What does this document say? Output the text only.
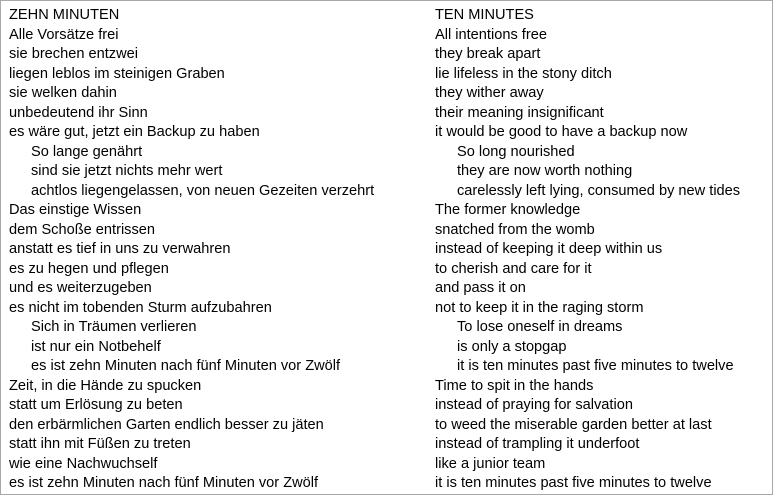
ZEHN MINUTEN
Alle Vorsätze frei
sie brechen entzwei
liegen leblos im steinigen Graben
sie welken dahin
unbedeutend ihr Sinn
es wäre gut, jetzt ein Backup zu haben
So lange genährt
sind sie jetzt nichts mehr wert
achtlos liegengelassen, von neuen Gezeiten verzehrt
Das einstige Wissen
dem Schoße entrissen
anstatt es tief in uns zu verwahren
es zu hegen und pflegen
und es weiterzugeben
es nicht im tobenden Sturm aufzubahren
Sich in Träumen verlieren
ist nur ein Notbehelf
es ist zehn Minuten nach fünf Minuten vor Zwölf
Zeit, in die Hände zu spucken
statt um Erlösung zu beten
den erbärmlichen Garten endlich besser zu jäten
statt ihn mit Füßen zu treten
wie eine Nachwuchself
es ist zehn Minuten nach fünf Minuten vor Zwölf
TEN MINUTES
All intentions free
they break apart
lie lifeless in the stony ditch
they wither away
their meaning insignificant
it would be good to have a backup now
So long nourished
they are now worth nothing
carelessly left lying, consumed by new tides
The former knowledge
snatched from the womb
instead of keeping it deep within us
to cherish and care for it
and pass it on
not to keep it in the raging storm
To lose oneself in dreams
is only a stopgap
it is ten minutes past five minutes to twelve
Time to spit in the hands
instead of praying for salvation
to weed the miserable garden better at last
instead of trampling it underfoot
like a junior team
it is ten minutes past five minutes to twelve
